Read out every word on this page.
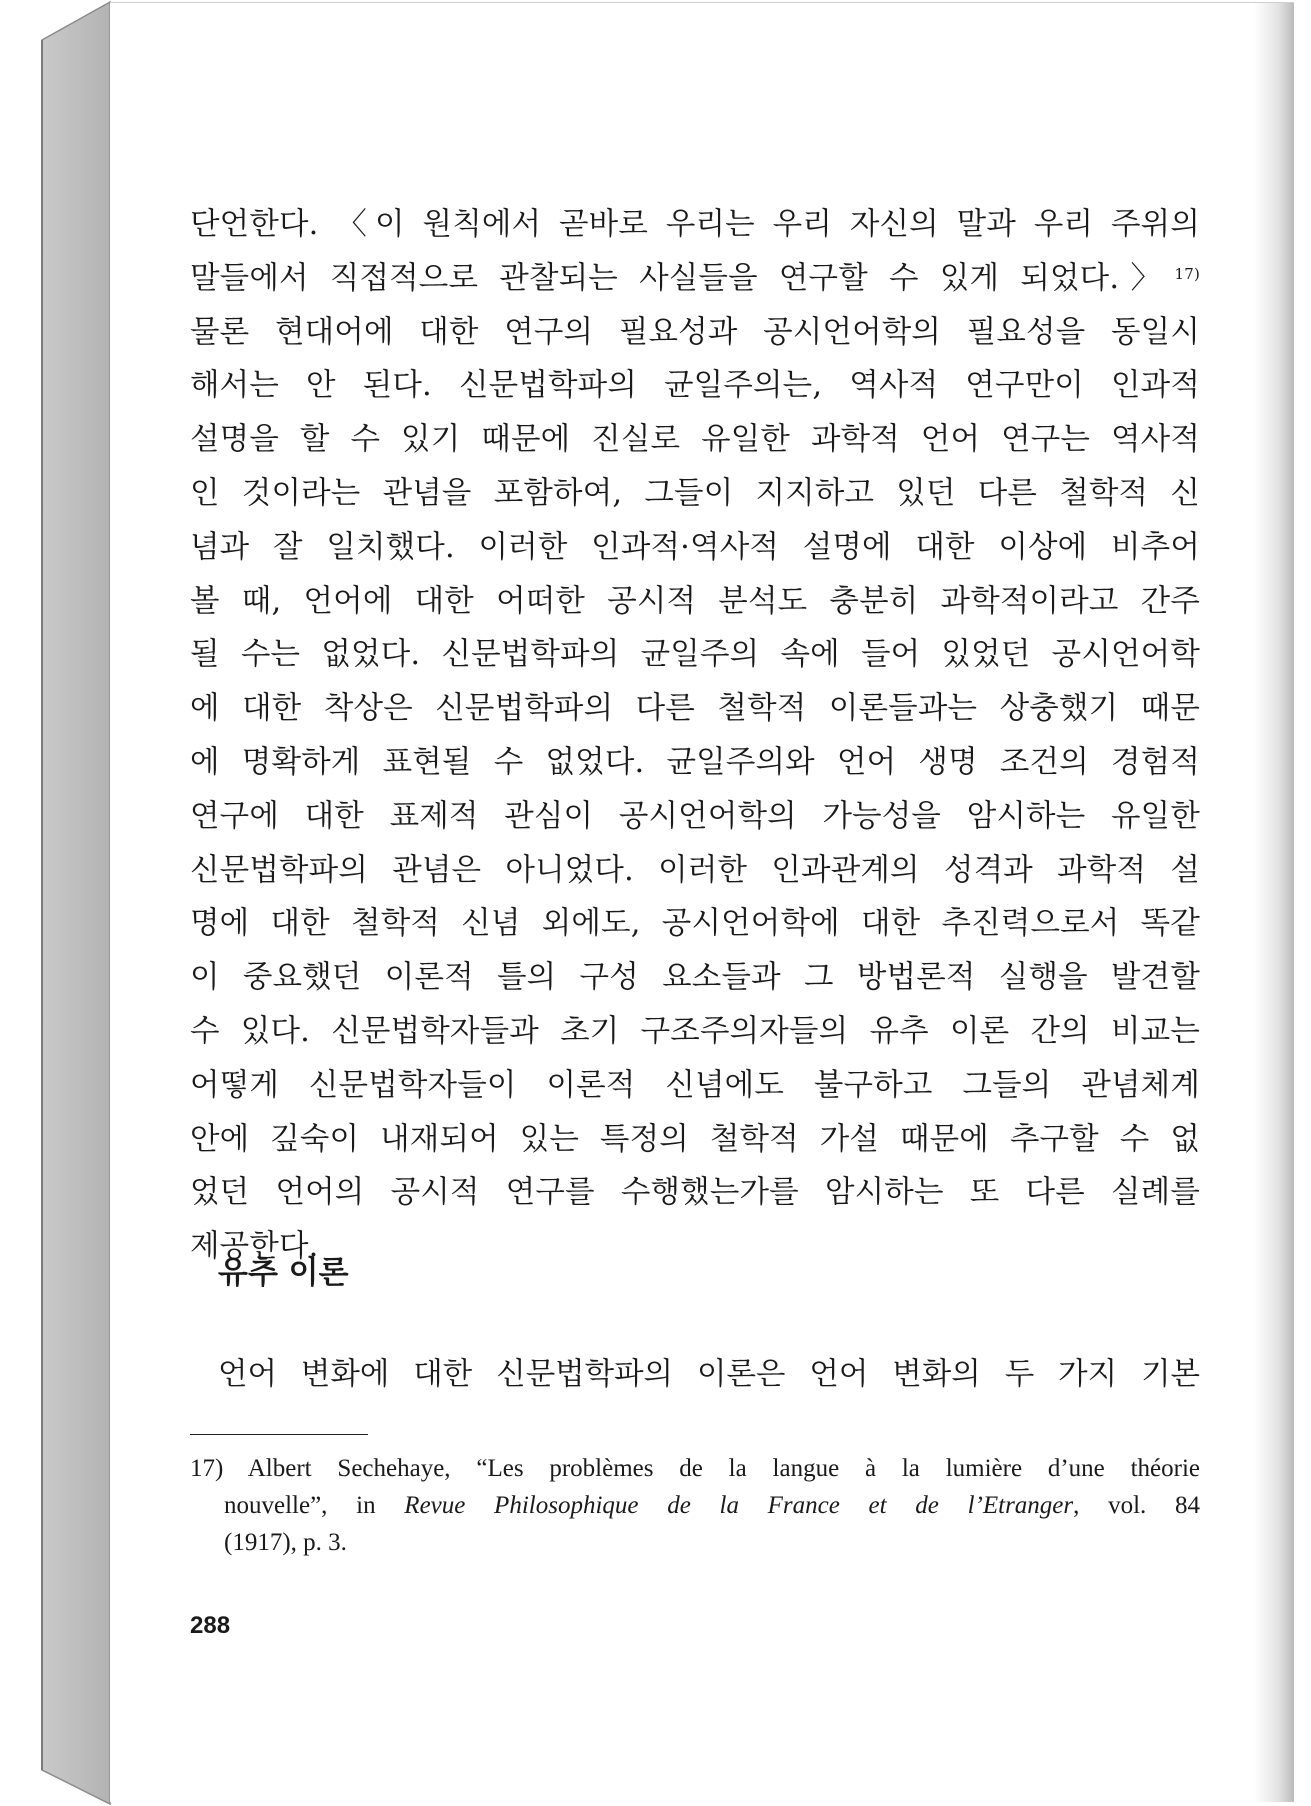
단언한다. 〈이 원칙에서 곧바로 우리는 우리 자신의 말과 우리 주위의
말들에서 직접적으로 관찰되는 사실들을 연구할 수 있게 되었다.〉 $^{17)}$
물론 현대어에 대한 연구의 필요성과 공시언어학의 필요성을 동일시
해서는 안 된다. 신문법학파의 균일주의는, 역사적 연구만이 인과적
설명을 할 수 있기 때문에 진실로 유일한 과학적 언어 연구는 역사적
인 것이라는 관념을 포함하여, 그들이 지지하고 있던 다른 철학적 신
념과 잘 일치했다. 이러한 인과적·역사적 설명에 대한 이상에 비추어
볼 때, 언어에 대한 어떠한 공시적 분석도 충분히 과학적이라고 간주
될 수는 없었다. 신문법학파의 균일주의 속에 들어 있었던 공시언어학
에 대한 착상은 신문법학파의 다른 철학적 이론들과는 상충했기 때문
에 명확하게 표현될 수 없었다. 균일주의와 언어 생명 조건의 경험적
연구에 대한 표제적 관심이 공시언어학의 가능성을 암시하는 유일한
신문법학파의 관념은 아니었다. 이러한 인과관계의 성격과 과학적 설
명에 대한 철학적 신념 외에도, 공시언어학에 대한 추진력으로서 똑같
이 중요했던 이론적 틀의 구성 요소들과 그 방법론적 실행을 발견할
수 있다. 신문법학자들과 초기 구조주의자들의 유추 이론 간의 비교는
어떻게 신문법학자들이 이론적 신념에도 불구하고 그들의 관념체계
안에 깊숙이 내재되어 있는 특정의 철학적 가설 때문에 추구할 수 없
었던 언어의 공시적 연구를 수행했는가를 암시하는 또 다른 실례를
제공한다.

유추 이론

언어 변화에 대한 신문법학파의 이론은 언어 변화의 두 가지 기본

17) Albert Sechehaye, “Les problèmes de la langue à la lumière d’une théorie
nouvelle”, in Revue Philosophique de la France et de l’Etranger, vol. 84
(1917), p. 3.

288
